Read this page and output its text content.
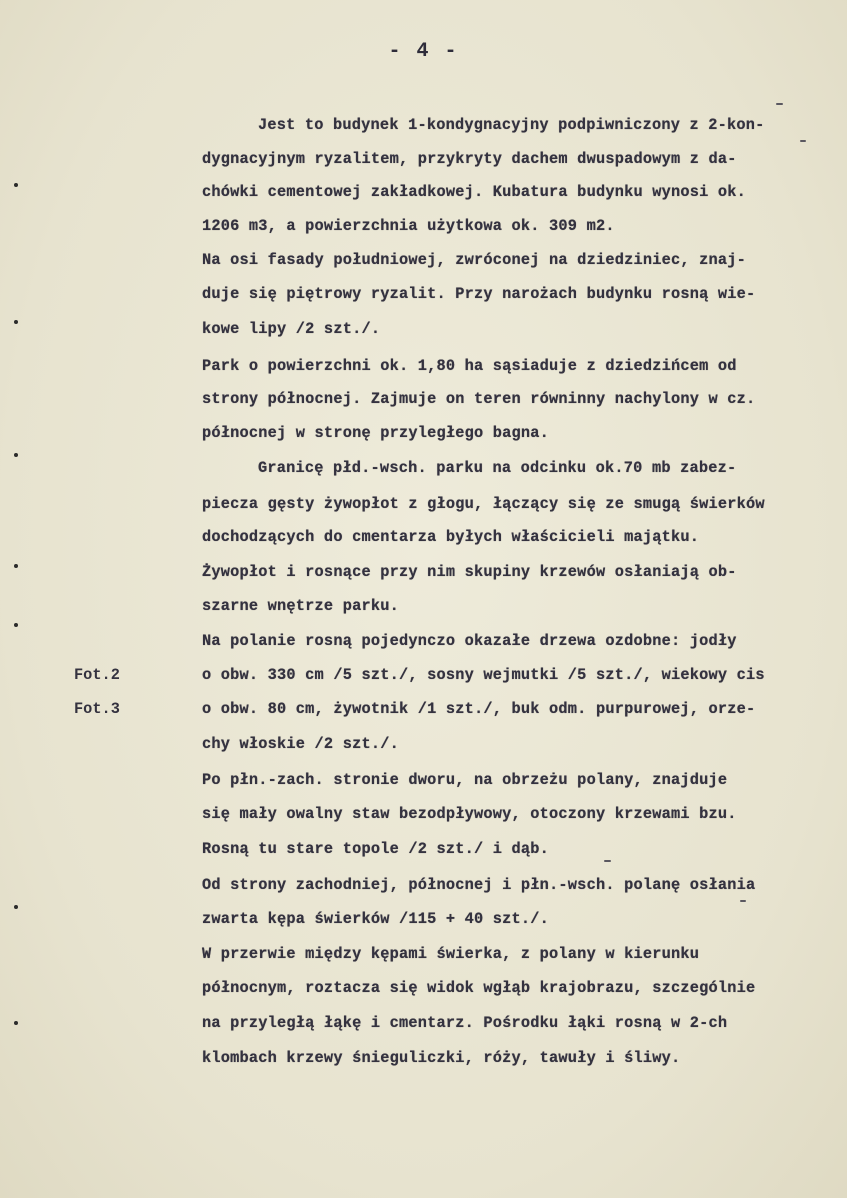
- 4 -
Fot.2
Fot.3
Jest to budynek 1-kondygnacyjny podpiwniczony z 2-kon-
dygnacyjnym ryzalitem, przykryty dachem dwuspadowym z da-
chówki cementowej zakładkowej. Kubatura budynku wynosi ok.
1206 m3, a powierzchnia użytkowa ok. 309 m2.
Na osi fasady południowej, zwróconej na dziedziniec, znaj-
duje się piętrowy ryzalit. Przy narożach budynku rosną wie-
kowe lipy /2 szt./.
Park o powierzchni ok. 1,80 ha sąsiaduje z dziedzińcem od
strony północnej. Zajmuje on teren równinny nachylony w cz.
północnej w stronę przyległego bagna.
Granicę płd.-wsch. parku na odcinku ok.70 mb zabez-
piecza gęsty żywopłot z głogu, łączący się ze smugą świerków
dochodzących do cmentarza byłych właścicieli majątku.
Żywopłot i rosnące przy nim skupiny krzewów osłaniają ob-
szarne wnętrze parku.
Na polanie rosną pojedynczo okazałe drzewa ozdobne: jodły
o obw. 330 cm /5 szt./, sosny wejmutki /5 szt./, wiekowy cis
o obw. 80 cm, żywotnik /1 szt./, buk odm. purpurowej, orze-
chy włoskie /2 szt./.
Po płn.-zach. stronie dworu, na obrzeżu polany, znajduje
się mały owalny staw bezodpływowy, otoczony krzewami bzu.
Rosną tu stare topole /2 szt./ i dąb.
Od strony zachodniej, północnej i płn.-wsch. polanę osłania
zwarta kępa świerków /115 + 40 szt./.
W przerwie między kępami świerka, z polany w kierunku
północnym, roztacza się widok wgłąb krajobrazu, szczególnie
na przyległą łąkę i cmentarz. Pośrodku łąki rosną w 2-ch
klombach krzewy śnieguliczki, róży, tawuły i śliwy.
